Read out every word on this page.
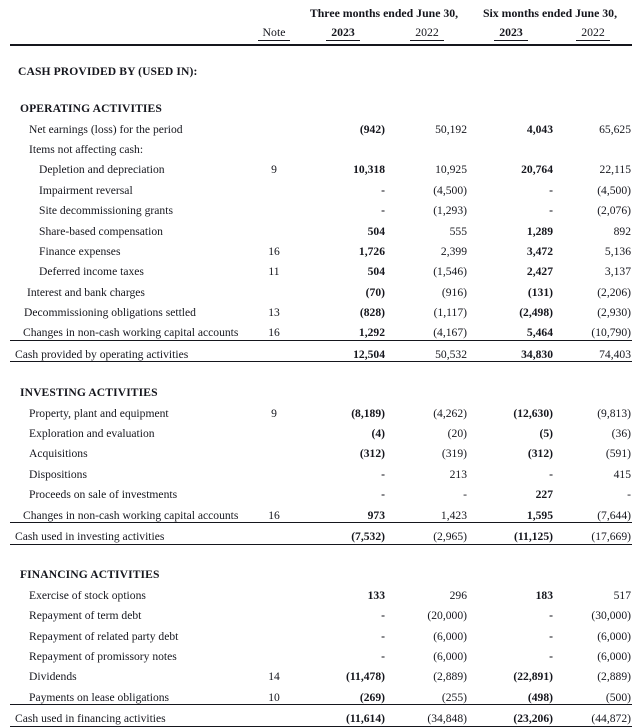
		Three months ended June 30,		Six months ended June 30,	
	Note	2023	2022	2023	2022

CASH PROVIDED BY (USED IN):					

OPERATING ACTIVITIES					
Net earnings (loss) for the period		(942)	50,192	4,043	65,625
Items not affecting cash:					
Depletion and depreciation	9	10,318	10,925	20,764	22,115
Impairment reversal		-	(4,500)	-	(4,500)
Site decommissioning grants		-	(1,293)	-	(2,076)
Share-based compensation		504	555	1,289	892
Finance expenses	16	1,726	2,399	3,472	5,136
Deferred income taxes	11	504	(1,546)	2,427	3,137
Interest and bank charges		(70)	(916)	(131)	(2,206)
Decommissioning obligations settled	13	(828)	(1,117)	(2,498)	(2,930)
Changes in non-cash working capital accounts	16	1,292	(4,167)	5,464	(10,790)
Cash provided by operating activities		12,504	50,532	34,830	74,403

INVESTING ACTIVITIES					
Property, plant and equipment	9	(8,189)	(4,262)	(12,630)	(9,813)
Exploration and evaluation		(4)	(20)	(5)	(36)
Acquisitions		(312)	(319)	(312)	(591)
Dispositions		-	213	-	415
Proceeds on sale of investments		-	-	227	-
Changes in non-cash working capital accounts	16	973	1,423	1,595	(7,644)
Cash used in investing activities		(7,532)	(2,965)	(11,125)	(17,669)

FINANCING ACTIVITIES					
Exercise of stock options		133	296	183	517
Repayment of term debt		-	(20,000)	-	(30,000)
Repayment of related party debt		-	(6,000)	-	(6,000)
Repayment of promissory notes		-	(6,000)	-	(6,000)
Dividends	14	(11,478)	(2,889)	(22,891)	(2,889)
Payments on lease obligations	10	(269)	(255)	(498)	(500)
Cash used in financing activities		(11,614)	(34,848)	(23,206)	(44,872)
